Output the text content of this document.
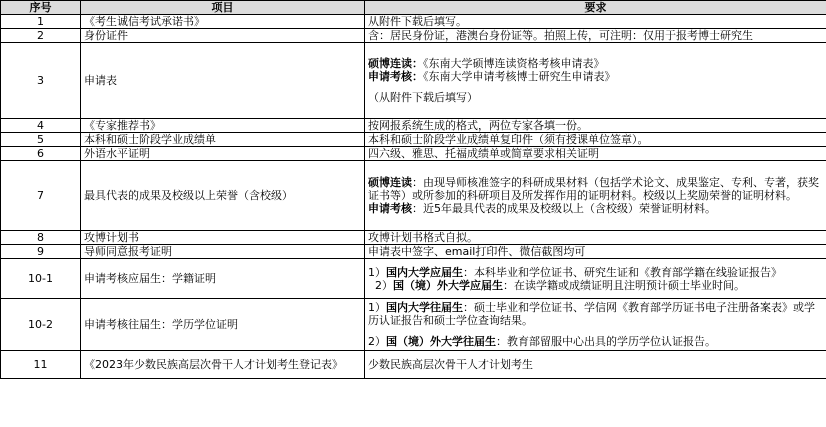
序号	项目	要求
1	《考生诚信考试承诺书》	从附件下载后填写。

2	身份证件	含：居民身份证，港澳台身份证等。拍照上传，可注明：仅用于报考博士研究生

3	申请表	硕博连读：《东南大学硕博连读资格考核申请表》
申请考核：《东南大学申请考核博士研究生申请表》
（从附件下载后填写）

4	《专家推荐书》	按网报系统生成的格式，两位专家各填一份。

5	本科和硕士阶段学业成绩单	本科和硕士阶段学业成绩单复印件（须有授课单位签章）。

6	外语水平证明	四六级、雅思、托福成绩单或简章要求相关证明

7	最具代表的成果及校级以上荣誉（含校级）	硕博连读：由现导师核准签字的科研成果材料（包括学术论文、成果鉴定、专利、专著，获奖证书等）或所参加的科研项目及所发挥作用的证明材料。校级以上奖励荣誉的证明材料。
申请考核：近5年最具代表的成果及校级以上（含校级）荣誉证明材料。

8	攻博计划书	攻博计划书格式自拟。

9	导师同意报考证明	申请表中签字、email打印件、微信截图均可

10-1	申请考核应届生：学籍证明	1）国内大学应届生：本科毕业和学位证书、研究生证和《教育部学籍在线验证报告》
2）国（境）外大学应届生：在读学籍或成绩证明且注明预计硕士毕业时间。

10-2	申请考核往届生：学历学位证明	1）国内大学往届生：硕士毕业和学位证书、学信网《教育部学历证书电子注册备案表》或学历认证报告和硕士学位查询结果。
2）国（境）外大学往届生：教育部留服中心出具的学历学位认证报告。

11	《2023年少数民族高层次骨干人才计划考生登记表》	少数民族高层次骨干人才计划考生
